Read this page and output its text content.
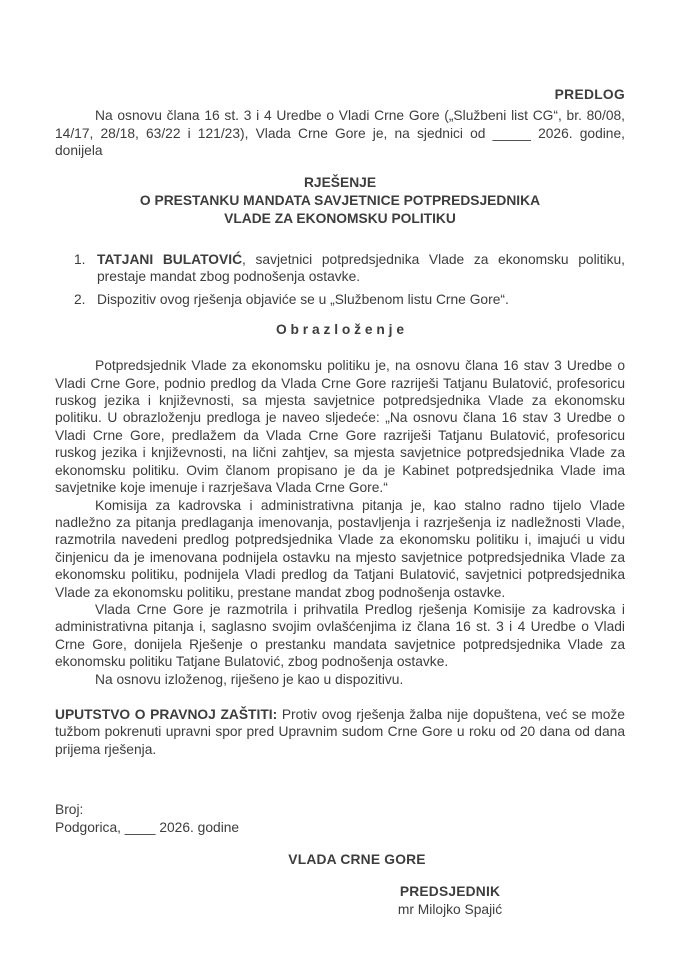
PREDLOG

Na osnovu člana 16 st. 3 i 4 Uredbe o Vladi Crne Gore („Službeni list CG“, br. 80/08, 14/17, 28/18, 63/22 i 121/23), Vlada Crne Gore je, na sjednici od _____ 2026. godine, donijela

RJEŠENJE
O PRESTANKU MANDATA SAVJETNICE POTPREDSJEDNIKA
VLADE ZA EKONOMSKU POLITIKU
1. TATJANI BULATOVIĆ, savjetnici potpredsjednika Vlade za ekonomsku politiku, prestaje mandat zbog podnošenja ostavke.
2. Dispozitiv ovog rješenja objaviće se u „Službenom listu Crne Gore“.
O b r a z l o ž e n j e

Potpredsjednik Vlade za ekonomsku politiku je, na osnovu člana 16 stav 3 Uredbe o Vladi Crne Gore, podnio predlog da Vlada Crne Gore razriješi Tatjanu Bulatović, profesoricu ruskog jezika i književnosti, sa mjesta savjetnice potpredsjednika Vlade za ekonomsku politiku. U obrazloženju predloga je naveo sljedeće: „Na osnovu člana 16 stav 3 Uredbe o Vladi Crne Gore, predlažem da Vlada Crne Gore razriješi Tatjanu Bulatović, profesoricu ruskog jezika i književnosti, na lični zahtjev, sa mjesta savjetnice potpredsjednika Vlade za ekonomsku politiku. Ovim članom propisano je da je Kabinet potpredsjednika Vlade ima savjetnike koje imenuje i razrješava Vlada Crne Gore.“

Komisija za kadrovska i administrativna pitanja je, kao stalno radno tijelo Vlade nadležno za pitanja predlaganja imenovanja, postavljenja i razrješenja iz nadležnosti Vlade, razmotrila navedeni predlog potpredsjednika Vlade za ekonomsku politiku i, imajući u vidu činjenicu da je imenovana podnijela ostavku na mjesto savjetnice potpredsjednika Vlade za ekonomsku politiku, podnijela Vladi predlog da Tatjani Bulatović, savjetnici potpredsjednika Vlade za ekonomsku politiku, prestane mandat zbog podnošenja ostavke.

Vlada Crne Gore je razmotrila i prihvatila Predlog rješenja Komisije za kadrovska i administrativna pitanja i, saglasno svojim ovlašćenjima iz člana 16 st. 3 i 4 Uredbe o Vladi Crne Gore, donijela Rješenje o prestanku mandata savjetnice potpredsjednika Vlade za ekonomsku politiku Tatjane Bulatović, zbog podnošenja ostavke.

Na osnovu izloženog, riješeno je kao u dispozitivu.

UPUTSTVO O PRAVNOJ ZAŠTITI: Protiv ovog rješenja žalba nije dopuštena, već se može tužbom pokrenuti upravni spor pred Upravnim sudom Crne Gore u roku od 20 dana od dana prijema rješenja.

Broj:
Podgorica, ____ 2026. godine
VLADA CRNE GORE
PREDSJEDNIK
mr Milojko Spajić
